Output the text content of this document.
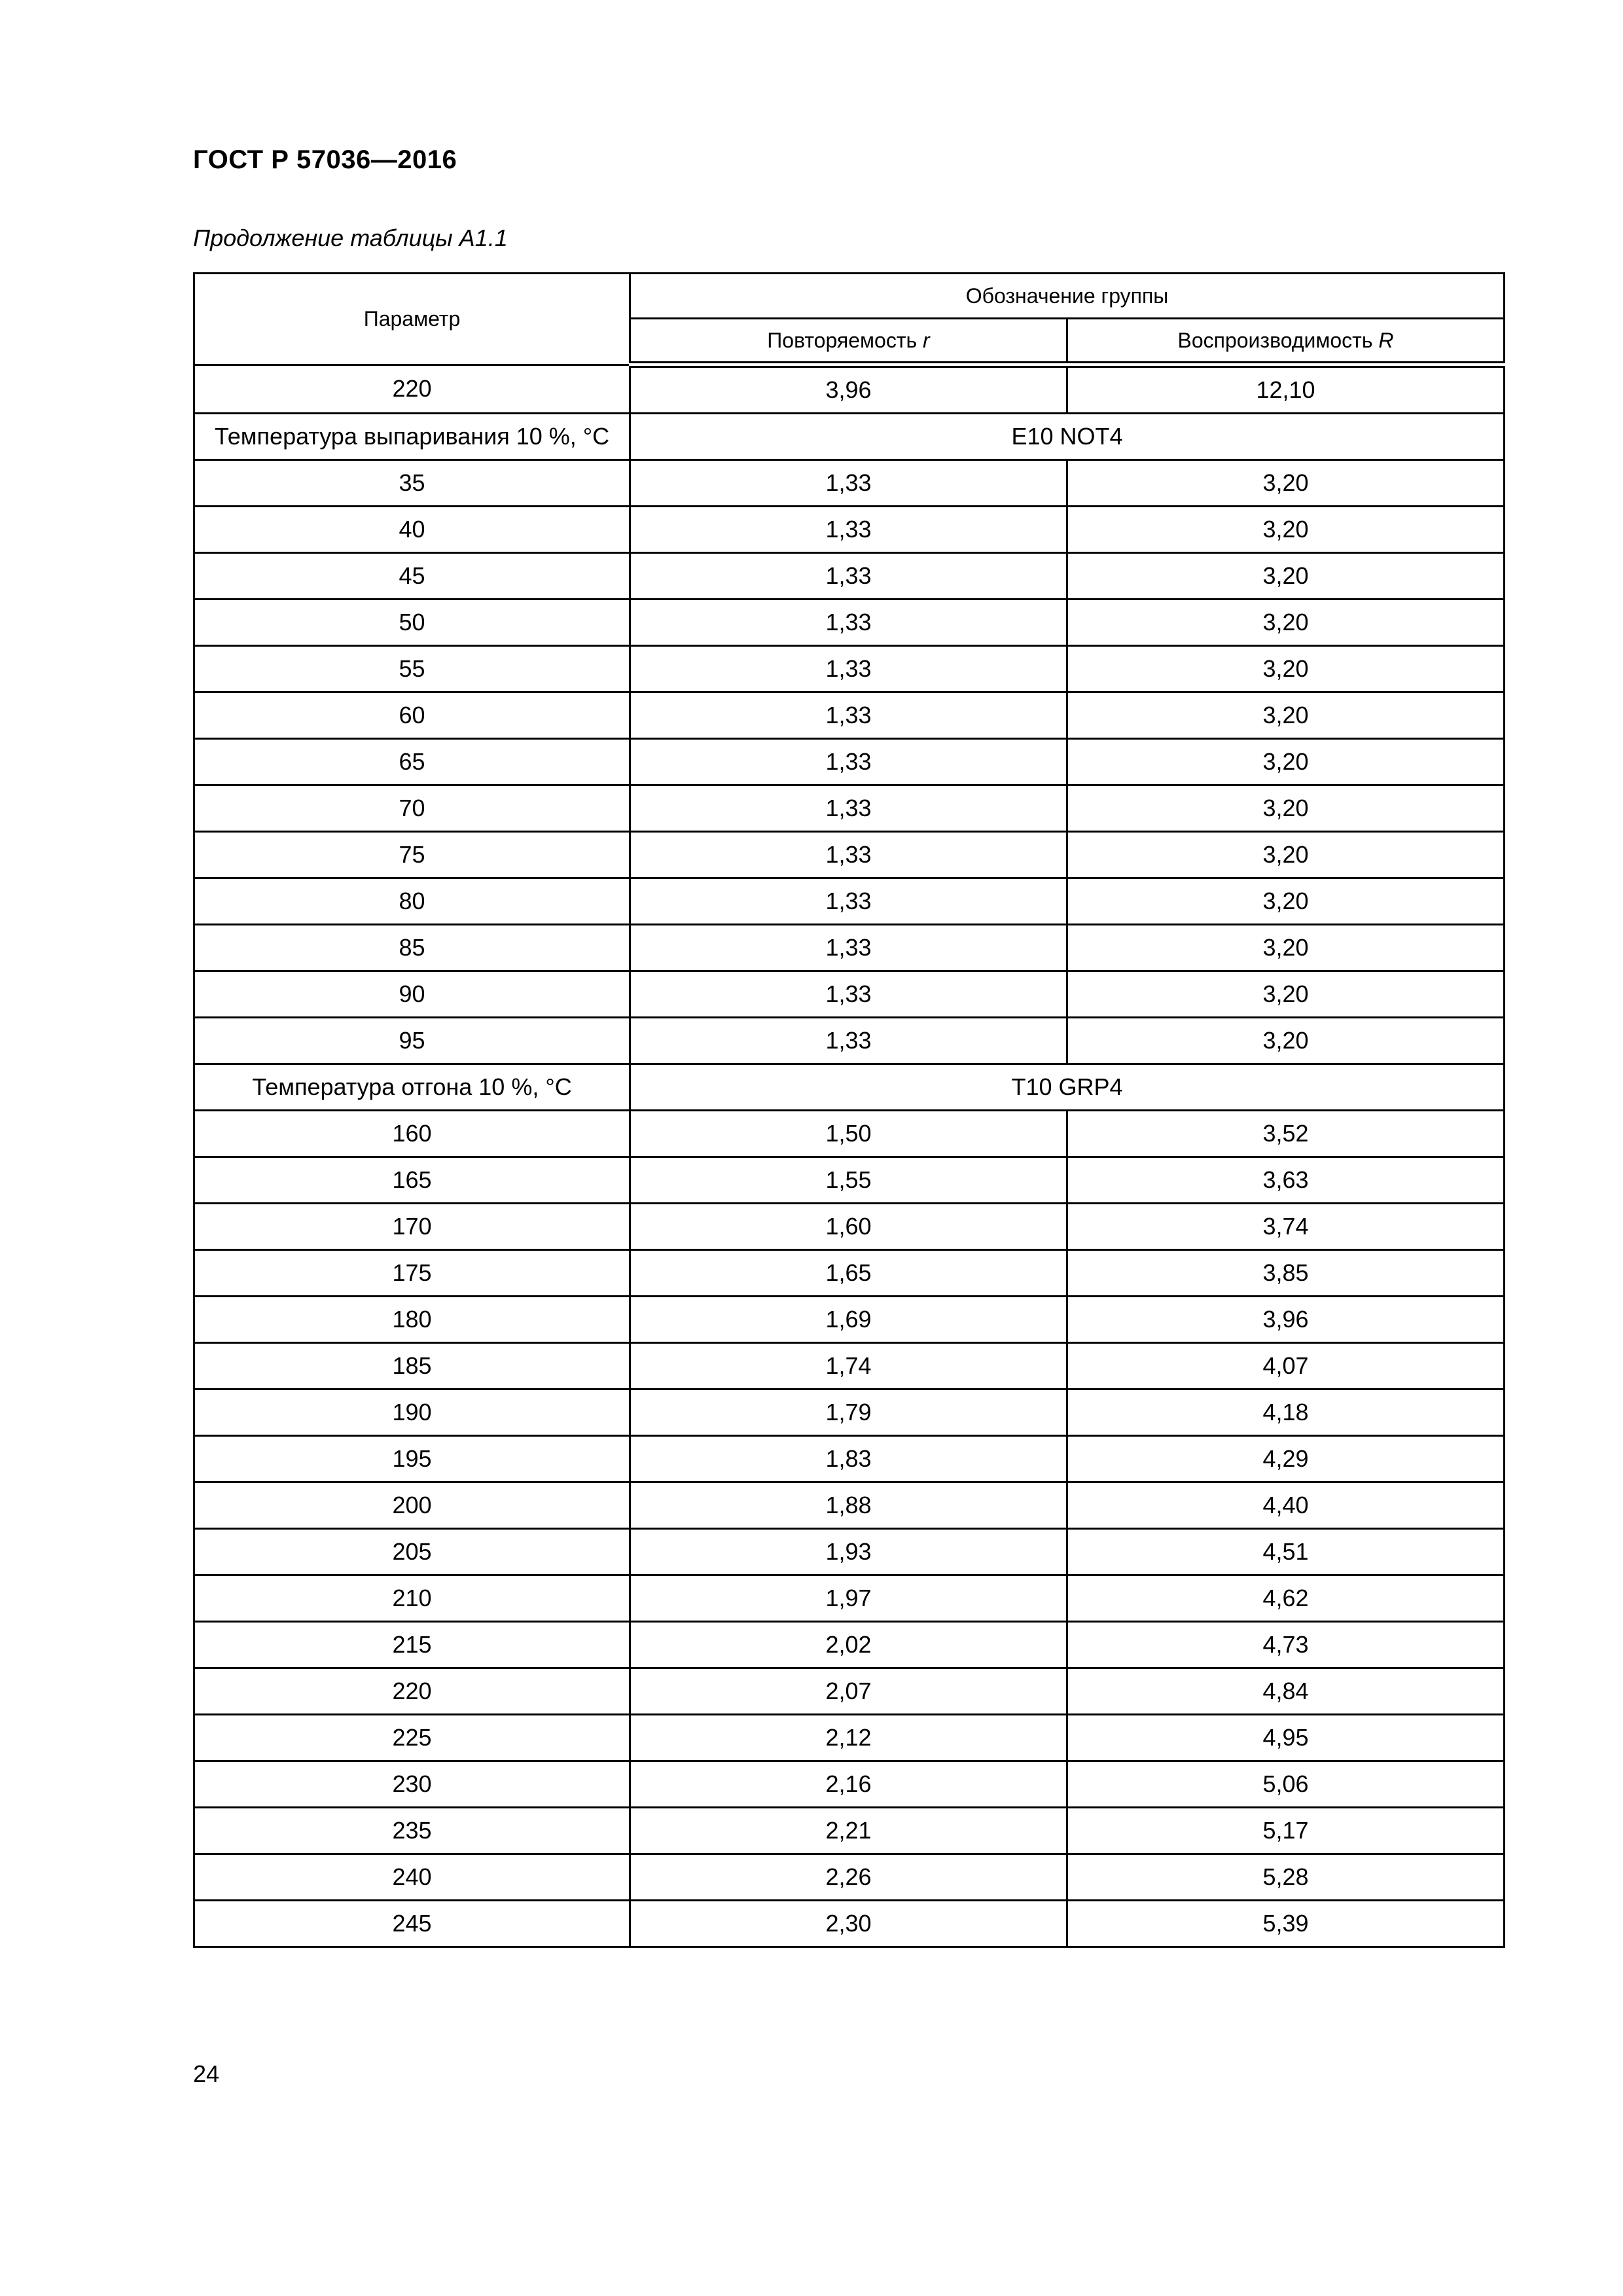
ГОСТ Р 57036—2016
Продолжение таблицы А1.1
Параметр	Обозначение группы	
	Повторяемость r	Воспроизводимость R
220	3,96	12,10
Температура выпаривания 10 %, °C	E10 NOT4	
35	1,33	3,20
40	1,33	3,20
45	1,33	3,20
50	1,33	3,20
55	1,33	3,20
60	1,33	3,20
65	1,33	3,20
70	1,33	3,20
75	1,33	3,20
80	1,33	3,20
85	1,33	3,20
90	1,33	3,20
95	1,33	3,20
Температура отгона 10 %, °C	T10 GRP4	
160	1,50	3,52
165	1,55	3,63
170	1,60	3,74
175	1,65	3,85
180	1,69	3,96
185	1,74	4,07
190	1,79	4,18
195	1,83	4,29
200	1,88	4,40
205	1,93	4,51
210	1,97	4,62
215	2,02	4,73
220	2,07	4,84
225	2,12	4,95
230	2,16	5,06
235	2,21	5,17
240	2,26	5,28
245	2,30	5,39
24
